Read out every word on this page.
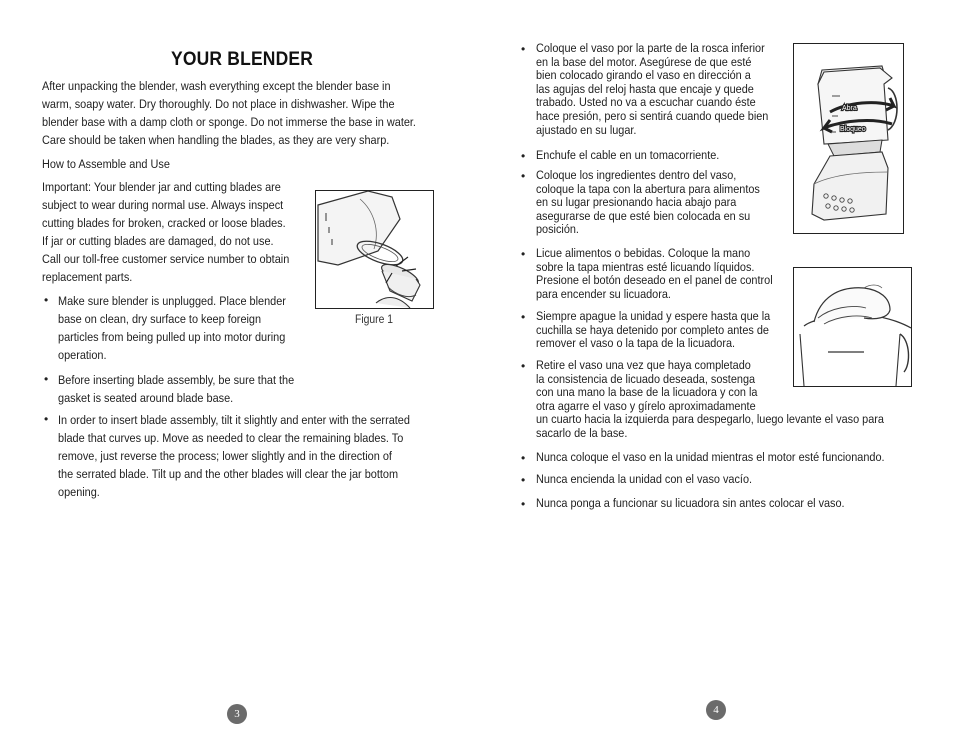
YOUR BLENDER

After unpacking the blender, wash everything except the blender base in

warm, soapy water. Dry thoroughly. Do not place in dishwasher. Wipe the

blender base with a damp cloth or sponge. Do not immerse the base in water.

Care should be taken when handling the blades, as they are very sharp.

How to Assemble and Use

Important: Your blender jar and cutting blades are

subject to wear during normal use. Always inspect

cutting blades for broken, cracked or loose blades.

If jar or cutting blades are damaged, do not use.

Call our toll-free customer service number to obtain

replacement parts.

Figure 1
• Make sure blender is unplugged. Place blender

base on clean, dry surface to keep foreign

particles from being pulled up into motor during

operation.

• Before inserting blade assembly, be sure that the

gasket is seated around blade base.

• In order to insert blade assembly, tilt it slightly and enter with the serrated

blade that curves up. Move as needed to clear the remaining blades. To

remove, just reverse the process; lower slightly and in the direction of

the serrated blade. Tilt up and the other blades will clear the jar bottom

opening.

3
Abra
Bloqueo
• Coloque el vaso por la parte de la rosca inferior

en la base del motor. Asegúrese de que esté

bien colocado girando el vaso en dirección a

las agujas del reloj hasta que encaje y quede

trabado. Usted no va a escuchar cuando éste

hace presión, pero si sentirá cuando quede bien

ajustado en su lugar.

• Enchufe el cable en un tomacorriente.

• Coloque los ingredientes dentro del vaso,

coloque la tapa con la abertura para alimentos

en su lugar presionando hacia abajo para

asegurarse de que esté bien colocada en su

posición.

• Licue alimentos o bebidas. Coloque la mano

sobre la tapa mientras esté licuando líquidos.

Presione el botón deseado en el panel de control

para encender su licuadora.

• Siempre apague la unidad y espere hasta que la

cuchilla se haya detenido por completo antes de

remover el vaso o la tapa de la licuadora.

• Retire el vaso una vez que haya completado

la consistencia de licuado deseada, sostenga

con una mano la base de la licuadora y con la

otra agarre el vaso y gírelo aproximadamente

un cuarto hacia la izquierda para despegarlo, luego levante el vaso para

sacarlo de la base.

• Nunca coloque el vaso en la unidad mientras el motor esté funcionando.

• Nunca encienda la unidad con el vaso vacío.

• Nunca ponga a funcionar su licuadora sin antes colocar el vaso.

4
